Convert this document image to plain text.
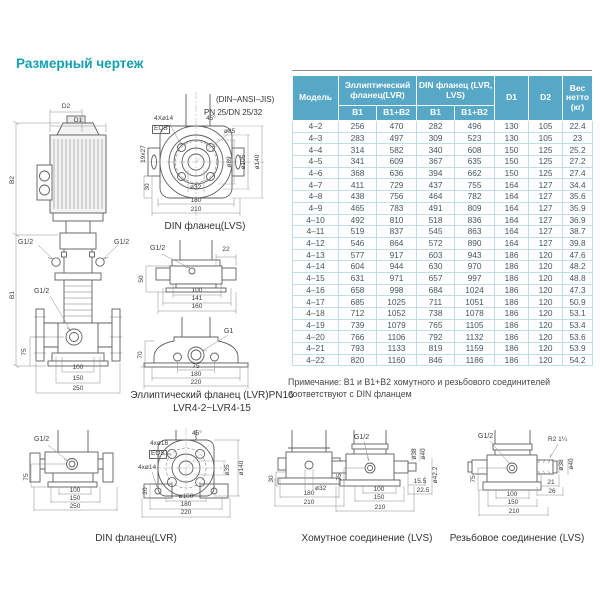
Размерный чертеж
D2
D1
B2
B1
G1/2	G1/2
G1/2
75
100
150
250
(DIN–ANSI–JIS)
PN 25/DN 25/32
4Xø14
EQS
45°
ø85
ø89 ø105 ø140
ø32
180
210
19x27
30
DIN фланец(LVS)
G1/2	22
50
100
141
160
G1
70
75
180
220
Эллиптический фланец (LVR)PN16
LVR4-2~LVR4-15
Модель	Эллиптический фланец(LVR)		DIN фланец (LVR, LVS)		D1	D2	Вес нетто (кг)
	B1	B1+B2	B1	B1+B2			
4–2	256	470	282	496	130	105	22.4
4–3	283	497	309	523	130	105	23
4–4	314	582	340	608	150	125	25.2
4–5	341	609	367	635	150	125	27.2
4–6	368	636	394	662	150	125	27.4
4–7	411	729	437	755	164	127	34.4
4–8	438	756	464	782	164	127	35.6
4–9	465	783	491	809	164	127	35.9
4–10	492	810	518	836	164	127	36.9
4–11	519	837	545	863	164	127	38.7
4–12	546	864	572	890	164	127	39.8
4–13	577	917	603	943	186	120	47.6
4–14	604	944	630	970	186	120	48.2
4–15	631	971	657	997	186	120	48.8
4–16	658	998	684	1024	186	120	47.3
4–17	685	1025	711	1051	186	120	50.9
4–18	712	1052	738	1078	186	120	53.1
4–19	739	1079	765	1105	186	120	53.4
4–20	766	1106	792	1132	186	120	53.6
4–21	793	1133	819	1159	186	120	53.9
4–22	820	1160	846	1186	186	120	54.2
Примечание: B1 и B1+B2 хомутного и резьбового соединителей
соответствуют с DIN фланцем
G1/2
75
100
150
250
45°
4xø18
EQS
4xø14	ø140
ø35
20
ø100
180
220
DIN фланец(LVR)
30
ø32
180
210
G1/2
75
100
150
210
ø38 ø40
ø42.2
15.5
22.5
Хомутное соединение (LVS)
G1/2	R2 1¼
75
ø38 ø40
21
26
100
150
210
Резьбовое соединение (LVS)
